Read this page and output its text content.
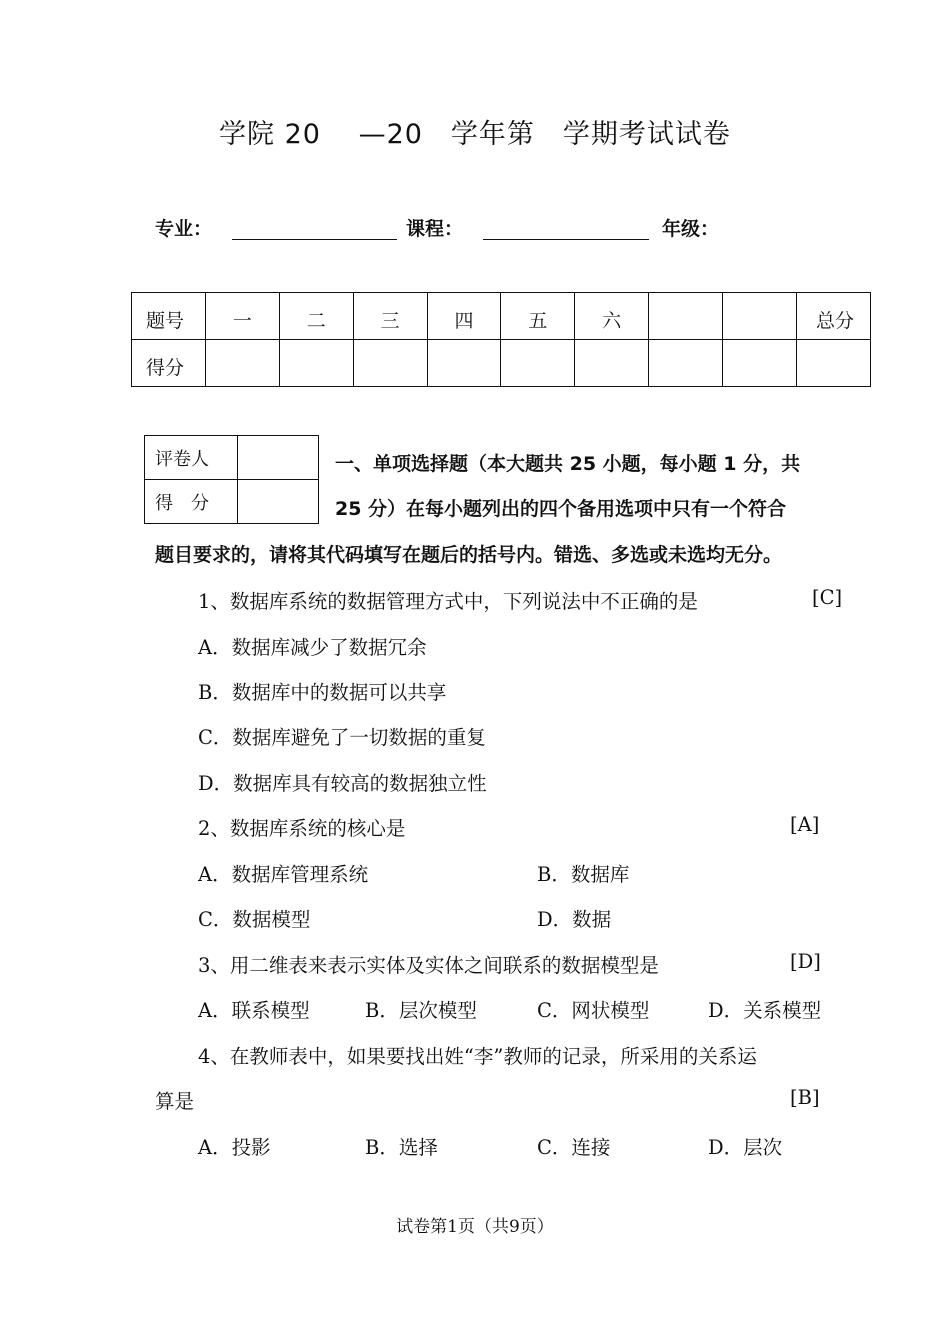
学院 20 　—20　学年第　学期考试试卷
专业：	课程：	年级：
题号	一	二	三	四	五	六			总分
得分									
评卷人	
得　分	
一、单项选择题（本大题共 25 小题，每小题 1 分，共
25 分）在每小题列出的四个备用选项中只有一个符合
题目要求的，请将其代码填写在题后的括号内。错选、多选或未选均无分。
1、数据库系统的数据管理方式中，下列说法中不正确的是	[C]
A．数据库减少了数据冗余
B．数据库中的数据可以共享
C．数据库避免了一切数据的重复
D．数据库具有较高的数据独立性
2、数据库系统的核心是	[A]
A．数据库管理系统	B．数据库
C．数据模型	D．数据
3、用二维表来表示实体及实体之间联系的数据模型是	[D]
A．联系模型	B．层次模型	C．网状模型	D．关系模型
4、在教师表中，如果要找出姓“李”教师的记录，所采用的关系运
算是	[B]
A．投影	B．选择	C．连接	D．层次
试卷第1页（共9页）
